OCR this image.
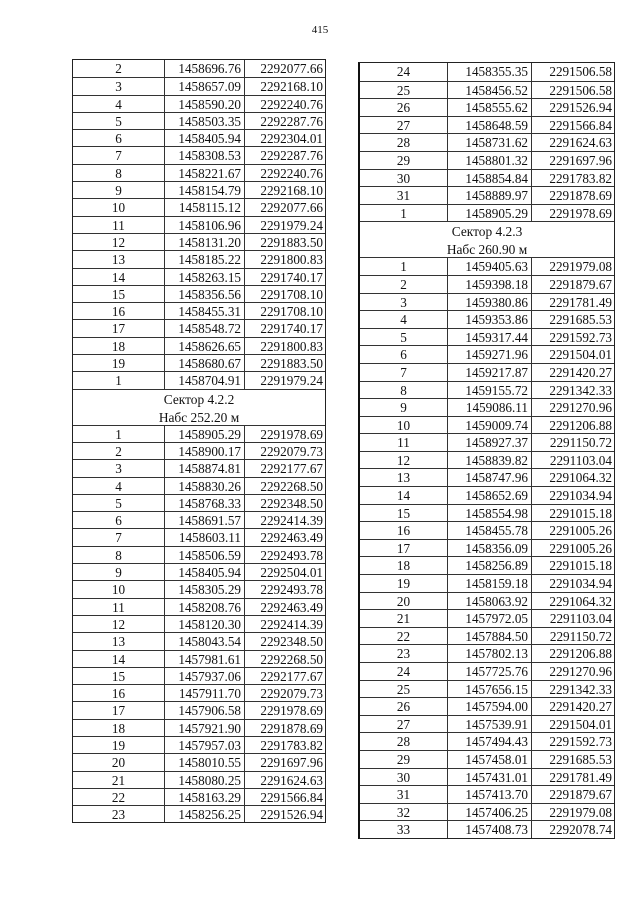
415
2	1458696.76	2292077.66
3	1458657.09	2292168.10
4	1458590.20	2292240.76
5	1458503.35	2292287.76
6	1458405.94	2292304.01
7	1458308.53	2292287.76
8	1458221.67	2292240.76
9	1458154.79	2292168.10
10	1458115.12	2292077.66
11	1458106.96	2291979.24
12	1458131.20	2291883.50
13	1458185.22	2291800.83
14	1458263.15	2291740.17
15	1458356.56	2291708.10
16	1458455.31	2291708.10
17	1458548.72	2291740.17
18	1458626.65	2291800.83
19	1458680.67	2291883.50
1	1458704.91	2291979.24
Сектор 4.2.2
Набс 252.20 м
1	1458905.29	2291978.69
2	1458900.17	2292079.73
3	1458874.81	2292177.67
4	1458830.26	2292268.50
5	1458768.33	2292348.50
6	1458691.57	2292414.39
7	1458603.11	2292463.49
8	1458506.59	2292493.78
9	1458405.94	2292504.01
10	1458305.29	2292493.78
11	1458208.76	2292463.49
12	1458120.30	2292414.39
13	1458043.54	2292348.50
14	1457981.61	2292268.50
15	1457937.06	2292177.67
16	1457911.70	2292079.73
17	1457906.58	2291978.69
18	1457921.90	2291878.69
19	1457957.03	2291783.82
20	1458010.55	2291697.96
21	1458080.25	2291624.63
22	1458163.29	2291566.84
23	1458256.25	2291526.94
24	1458355.35	2291506.58
25	1458456.52	2291506.58
26	1458555.62	2291526.94
27	1458648.59	2291566.84
28	1458731.62	2291624.63
29	1458801.32	2291697.96
30	1458854.84	2291783.82
31	1458889.97	2291878.69
1	1458905.29	2291978.69
Сектор 4.2.3
Набс 260.90 м
1	1459405.63	2291979.08
2	1459398.18	2291879.67
3	1459380.86	2291781.49
4	1459353.86	2291685.53
5	1459317.44	2291592.73
6	1459271.96	2291504.01
7	1459217.87	2291420.27
8	1459155.72	2291342.33
9	1459086.11	2291270.96
10	1459009.74	2291206.88
11	1458927.37	2291150.72
12	1458839.82	2291103.04
13	1458747.96	2291064.32
14	1458652.69	2291034.94
15	1458554.98	2291015.18
16	1458455.78	2291005.26
17	1458356.09	2291005.26
18	1458256.89	2291015.18
19	1458159.18	2291034.94
20	1458063.92	2291064.32
21	1457972.05	2291103.04
22	1457884.50	2291150.72
23	1457802.13	2291206.88
24	1457725.76	2291270.96
25	1457656.15	2291342.33
26	1457594.00	2291420.27
27	1457539.91	2291504.01
28	1457494.43	2291592.73
29	1457458.01	2291685.53
30	1457431.01	2291781.49
31	1457413.70	2291879.67
32	1457406.25	2291979.08
33	1457408.73	2292078.74
